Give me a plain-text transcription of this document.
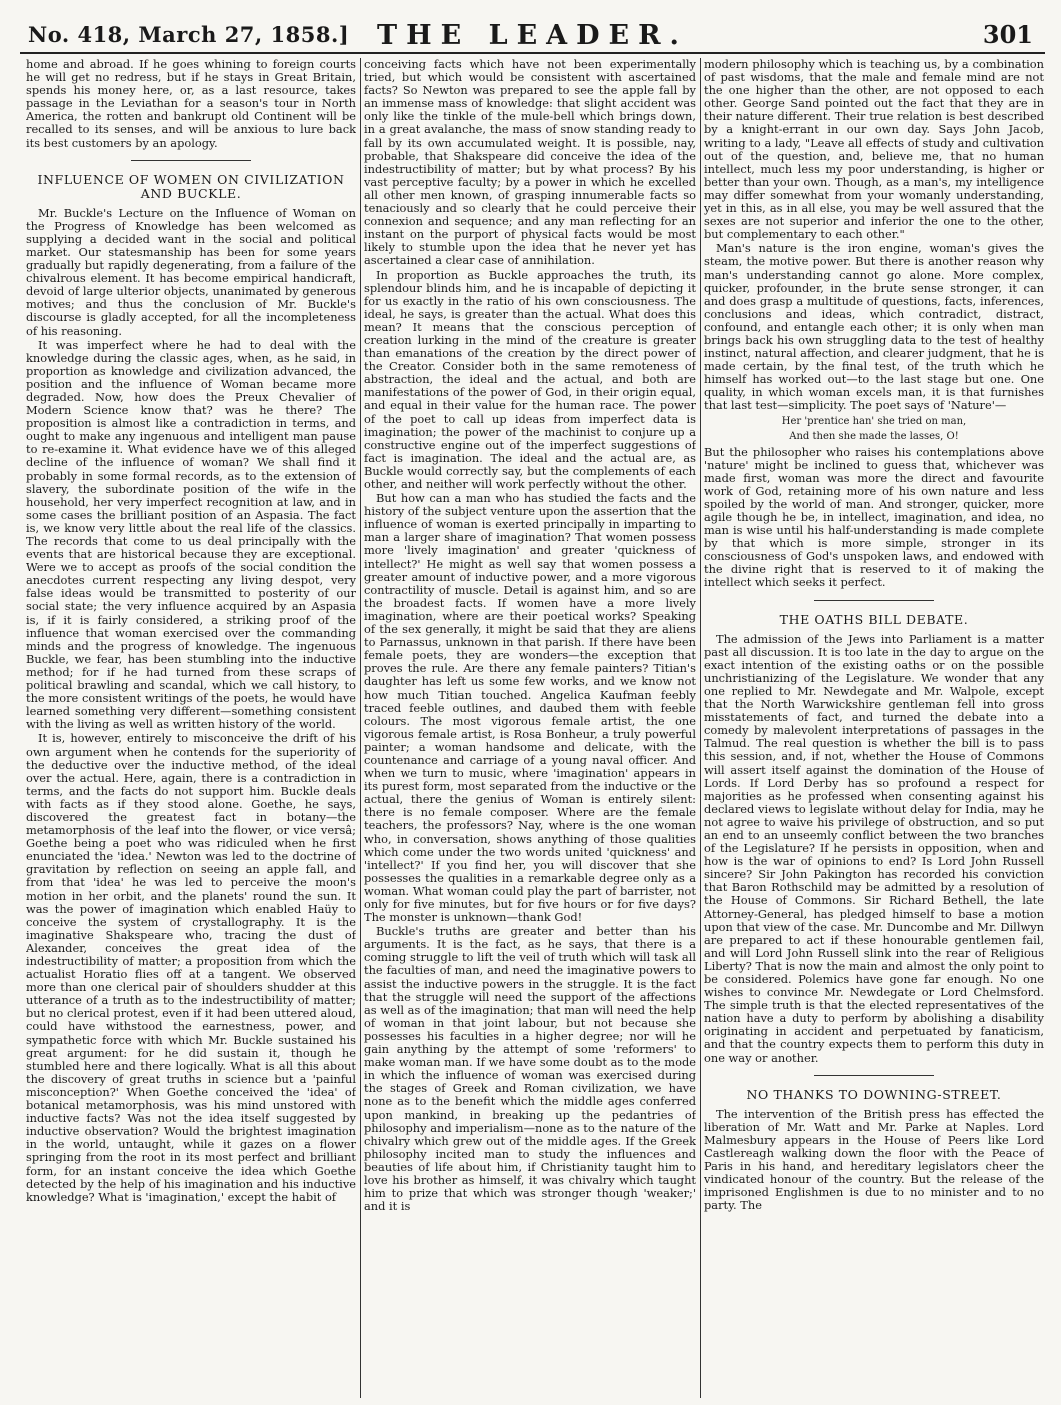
No. 418, March 27, 1858.]	THE LEADER.	301

home and abroad. If he goes whining to foreign courts he will get no redress, but if he stays in Great Britain, spends his money here, or, as a last resource, takes passage in the Leviathan for a season's tour in North America, the rotten and bankrupt old Continent will be recalled to its senses, and will be anxious to lure back its best customers by an apology.

INFLUENCE OF WOMEN ON CIVILIZATION AND BUCKLE.

Mr. Buckle's Lecture on the Influence of Woman on the Progress of Knowledge has been welcomed as supplying a decided want in the social and political market. Our statesmanship has been for some years gradually but rapidly degenerating, from a failure of the chivalrous element. It has become empirical handicraft, devoid of large ulterior objects, unanimated by generous motives; and thus the conclusion of Mr. Buckle's discourse is gladly accepted, for all the incompleteness of his reasoning.

It was imperfect where he had to deal with the knowledge during the classic ages, when, as he said, in proportion as knowledge and civilization advanced, the position and the influence of Woman became more degraded. Now, how does the Preux Chevalier of Modern Science know that? was he there? The proposition is almost like a contradiction in terms, and ought to make any ingenuous and intelligent man pause to re-examine it. What evidence have we of this alleged decline of the influence of woman? We shall find it probably in some formal records, as to the extension of slavery, the subordinate position of the wife in the household, her very imperfect recognition at law, and in some cases the brilliant position of an Aspasia. The fact is, we know very little about the real life of the classics. The records that come to us deal principally with the events that are historical because they are exceptional. Were we to accept as proofs of the social condition the anecdotes current respecting any living despot, very false ideas would be transmitted to posterity of our social state; the very influence acquired by an Aspasia is, if it is fairly considered, a striking proof of the influence that woman exercised over the commanding minds and the progress of knowledge. The ingenuous Buckle, we fear, has been stumbling into the inductive method; for if he had turned from these scraps of political brawling and scandal, which we call history, to the more consistent writings of the poets, he would have learned something very different—something consistent with the living as well as written history of the world.

It is, however, entirely to misconceive the drift of his own argument when he contends for the superiority of the deductive over the inductive method, of the ideal over the actual. Here, again, there is a contradiction in terms, and the facts do not support him. Buckle deals with facts as if they stood alone. Goethe, he says, discovered the greatest fact in botany—the metamorphosis of the leaf into the flower, or vice versâ; Goethe being a poet who was ridiculed when he first enunciated the 'idea.' Newton was led to the doctrine of gravitation by reflection on seeing an apple fall, and from that 'idea' he was led to perceive the moon's motion in her orbit, and the planets' round the sun. It was the power of imagination which enabled Haüy to conceive the system of crystallography. It is the imaginative Shakspeare who, tracing the dust of Alexander, conceives the great idea of the indestructibility of matter; a proposition from which the actualist Horatio flies off at a tangent. We observed more than one clerical pair of shoulders shudder at this utterance of a truth as to the indestructibility of matter; but no clerical protest, even if it had been uttered aloud, could have withstood the earnestness, power, and sympathetic force with which Mr. Buckle sustained his great argument: for he did sustain it, though he stumbled here and there logically. What is all this about the discovery of great truths in science but a 'painful misconception?' When Goethe conceived the 'idea' of botanical metamorphosis, was his mind unstored with inductive facts? Was not the idea itself suggested by inductive observation? Would the brightest imagination in the world, untaught, while it gazes on a flower springing from the root in its most perfect and brilliant form, for an instant conceive the idea which Goethe detected by the help of his imagination and his inductive knowledge? What is 'imagination,' except the habit of

conceiving facts which have not been experimentally tried, but which would be consistent with ascertained facts? So Newton was prepared to see the apple fall by an immense mass of knowledge: that slight accident was only like the tinkle of the mule-bell which brings down, in a great avalanche, the mass of snow standing ready to fall by its own accumulated weight. It is possible, nay, probable, that Shakspeare did conceive the idea of the indestructibility of matter; but by what process? By his vast perceptive faculty; by a power in which he excelled all other men known, of grasping innumerable facts so tenaciously and so clearly that he could perceive their connexion and sequence; and any man reflecting for an instant on the purport of physical facts would be most likely to stumble upon the idea that he never yet has ascertained a clear case of annihilation.

In proportion as Buckle approaches the truth, its splendour blinds him, and he is incapable of depicting it for us exactly in the ratio of his own consciousness. The ideal, he says, is greater than the actual. What does this mean? It means that the conscious perception of creation lurking in the mind of the creature is greater than emanations of the creation by the direct power of the Creator. Consider both in the same remoteness of abstraction, the ideal and the actual, and both are manifestations of the power of God, in their origin equal, and equal in their value for the human race. The power of the poet to call up ideas from imperfect data is imagination; the power of the machinist to conjure up a constructive engine out of the imperfect suggestions of fact is imagination. The ideal and the actual are, as Buckle would correctly say, but the complements of each other, and neither will work perfectly without the other.

But how can a man who has studied the facts and the history of the subject venture upon the assertion that the influence of woman is exerted principally in imparting to man a larger share of imagination? That women possess more 'lively imagination' and greater 'quickness of intellect?' He might as well say that women possess a greater amount of inductive power, and a more vigorous contractility of muscle. Detail is against him, and so are the broadest facts. If women have a more lively imagination, where are their poetical works? Speaking of the sex generally, it might be said that they are aliens to Parnassus, unknown in that parish. If there have been female poets, they are wonders—the exception that proves the rule. Are there any female painters? Titian's daughter has left us some few works, and we know not how much Titian touched. Angelica Kaufman feebly traced feeble outlines, and daubed them with feeble colours. The most vigorous female artist, the one vigorous female artist, is Rosa Bonheur, a truly powerful painter; a woman handsome and delicate, with the countenance and carriage of a young naval officer. And when we turn to music, where 'imagination' appears in its purest form, most separated from the inductive or the actual, there the genius of Woman is entirely silent: there is no female composer. Where are the female teachers, the professors? Nay, where is the one woman who, in conversation, shows anything of those qualities which come under the two words united 'quickness' and 'intellect?' If you find her, you will discover that she possesses the qualities in a remarkable degree only as a woman. What woman could play the part of barrister, not only for five minutes, but for five hours or for five days? The monster is unknown—thank God!

Buckle's truths are greater and better than his arguments. It is the fact, as he says, that there is a coming struggle to lift the veil of truth which will task all the faculties of man, and need the imaginative powers to assist the inductive powers in the struggle. It is the fact that the struggle will need the support of the affections as well as of the imagination; that man will need the help of woman in that joint labour, but not because she possesses his faculties in a higher degree; nor will he gain anything by the attempt of some 'reformers' to make woman man. If we have some doubt as to the mode in which the influence of woman was exercised during the stages of Greek and Roman civilization, we have none as to the benefit which the middle ages conferred upon mankind, in breaking up the pedantries of philosophy and imperialism—none as to the nature of the chivalry which grew out of the middle ages. If the Greek philosophy incited man to study the influences and beauties of life about him, if Christianity taught him to love his brother as himself, it was chivalry which taught him to prize that which was stronger though 'weaker;' and it is

modern philosophy which is teaching us, by a combination of past wisdoms, that the male and female mind are not the one higher than the other, are not opposed to each other. George Sand pointed out the fact that they are in their nature different. Their true relation is best described by a knight-errant in our own day. Says John Jacob, writing to a lady, "Leave all effects of study and cultivation out of the question, and, believe me, that no human intellect, much less my poor understanding, is higher or better than your own. Though, as a man's, my intelligence may differ somewhat from your womanly understanding, yet in this, as in all else, you may be well assured that the sexes are not superior and inferior the one to the other, but complementary to each other."

Man's nature is the iron engine, woman's gives the steam, the motive power. But there is another reason why man's understanding cannot go alone. More complex, quicker, profounder, in the brute sense stronger, it can and does grasp a multitude of questions, facts, inferences, conclusions and ideas, which contradict, distract, confound, and entangle each other; it is only when man brings back his own struggling data to the test of healthy instinct, natural affection, and clearer judgment, that he is made certain, by the final test, of the truth which he himself has worked out—to the last stage but one. One quality, in which woman excels man, it is that furnishes that last test—simplicity. The poet says of 'Nature'—

Her 'prentice han' she tried on man,
And then she made the lasses, O!

But the philosopher who raises his contemplations above 'nature' might be inclined to guess that, whichever was made first, woman was more the direct and favourite work of God, retaining more of his own nature and less spoiled by the world of man. And stronger, quicker, more agile though he be, in intellect, imagination, and idea, no man is wise until his half-understanding is made complete by that which is more simple, stronger in its consciousness of God's unspoken laws, and endowed with the divine right that is reserved to it of making the intellect which seeks it perfect.

THE OATHS BILL DEBATE.

The admission of the Jews into Parliament is a matter past all discussion. It is too late in the day to argue on the exact intention of the existing oaths or on the possible unchristianizing of the Legislature. We wonder that any one replied to Mr. Newdegate and Mr. Walpole, except that the North Warwickshire gentleman fell into gross misstatements of fact, and turned the debate into a comedy by malevolent interpretations of passages in the Talmud. The real question is whether the bill is to pass this session, and, if not, whether the House of Commons will assert itself against the domination of the House of Lords. If Lord Derby has so profound a respect for majorities as he professed when consenting against his declared views to legislate without delay for India, may he not agree to waive his privilege of obstruction, and so put an end to an unseemly conflict between the two branches of the Legislature? If he persists in opposition, when and how is the war of opinions to end? Is Lord John Russell sincere? Sir John Pakington has recorded his conviction that Baron Rothschild may be admitted by a resolution of the House of Commons. Sir Richard Bethell, the late Attorney-General, has pledged himself to base a motion upon that view of the case. Mr. Duncombe and Mr. Dillwyn are prepared to act if these honourable gentlemen fail, and will Lord John Russell slink into the rear of Religious Liberty? That is now the main and almost the only point to be considered. Polemics have gone far enough. No one wishes to convince Mr. Newdegate or Lord Chelmsford. The simple truth is that the elected representatives of the nation have a duty to perform by abolishing a disability originating in accident and perpetuated by fanaticism, and that the country expects them to perform this duty in one way or another.

NO THANKS TO DOWNING-STREET.

The intervention of the British press has effected the liberation of Mr. Watt and Mr. Parke at Naples. Lord Malmesbury appears in the House of Peers like Lord Castlereagh walking down the floor with the Peace of Paris in his hand, and hereditary legislators cheer the vindicated honour of the country. But the release of the imprisoned Englishmen is due to no minister and to no party. The
